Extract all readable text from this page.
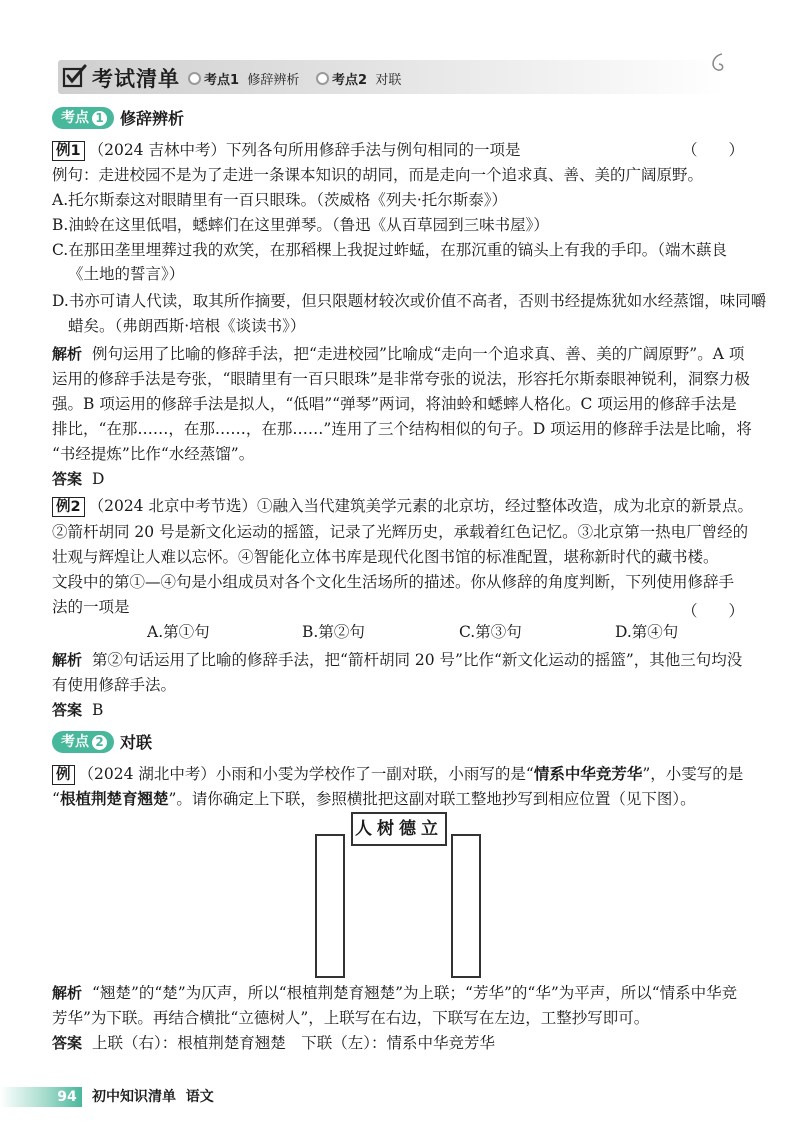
考试清单	考点1 修辞辨析	考点2 对联
考点 1 修辞辨析
例1 （2024 吉林中考）下列各句所用修辞手法与例句相同的一项是	（　　）
例句：走进校园不是为了走进一条课本知识的胡同，而是走向一个追求真、善、美的广阔原野。
A.托尔斯泰这对眼睛里有一百只眼珠。（茨威格《列夫·托尔斯泰》）
B.油蛉在这里低唱，蟋蟀们在这里弹琴。（鲁迅《从百草园到三味书屋》）
C.在那田垄里埋葬过我的欢笑，在那稻棵上我捉过蚱蜢，在那沉重的镐头上有我的手印。（端木蕻良
《土地的誓言》）
D.书亦可请人代读，取其所作摘要，但只限题材较次或价值不高者，否则书经提炼犹如水经蒸馏，味同嚼
蜡矣。（弗朗西斯·培根《谈读书》）
解析 例句运用了比喻的修辞手法，把“走进校园”比喻成“走向一个追求真、善、美的广阔原野”。A 项
运用的修辞手法是夸张，“眼睛里有一百只眼珠”是非常夸张的说法，形容托尔斯泰眼神锐利，洞察力极
强。B 项运用的修辞手法是拟人，“低唱”“弹琴”两词，将油蛉和蟋蟀人格化。C 项运用的修辞手法是
排比，“在那……，在那……，在那……”连用了三个结构相似的句子。D 项运用的修辞手法是比喻，将
“书经提炼”比作“水经蒸馏”。
答案 D
例2 （2024 北京中考节选）①融入当代建筑美学元素的北京坊，经过整体改造，成为北京的新景点。
②箭杆胡同 20 号是新文化运动的摇篮，记录了光辉历史，承载着红色记忆。③北京第一热电厂曾经的
壮观与辉煌让人难以忘怀。④智能化立体书库是现代化图书馆的标准配置，堪称新时代的藏书楼。
文段中的第①—④句是小组成员对各个文化生活场所的描述。你从修辞的角度判断，下列使用修辞手
法的一项是	（　　）
A.第①句	B.第②句	C.第③句	D.第④句
解析 第②句话运用了比喻的修辞手法，把“箭杆胡同 20 号”比作“新文化运动的摇篮”，其他三句均没
有使用修辞手法。
答案 B
考点 2 对联
例 （2024 湖北中考）小雨和小雯为学校作了一副对联，小雨写的是“情系中华竞芳华”，小雯写的是
“根植荆楚育翘楚”。请你确定上下联，参照横批把这副对联工整地抄写到相应位置（见下图）。
人树德立
解析 “翘楚”的“楚”为仄声，所以“根植荆楚育翘楚”为上联；“芳华”的“华”为平声，所以“情系中华竞
芳华”为下联。再结合横批“立德树人”，上联写在右边，下联写在左边，工整抄写即可。
答案 上联（右）：根植荆楚育翘楚　下联（左）：情系中华竞芳华
94 初中知识清单 语文
